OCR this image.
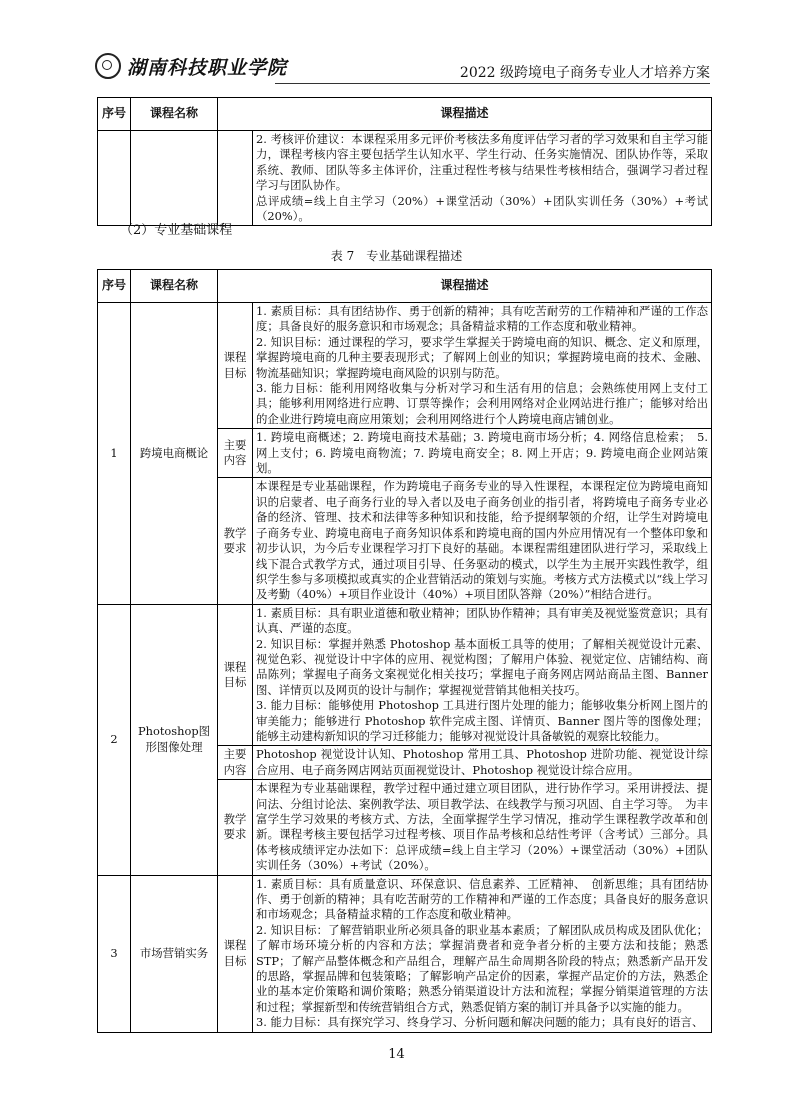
湖南科技职业学院	2022 级跨境电子商务专业人才培养方案
序号	课程名称	课程描述	

			2. 考核评价建议：本课程采用多元评价考核法多角度评估学习者的学习效果和自主学习能力，课程考核内容主要包括学生认知水平、学生行动、任务实施情况、团队协作等，采取系统、教师、团队等多主体评价，注重过程性考核与结果性考核相结合，强调学习者过程学习与团队协作。

总评成绩=线上自主学习（20%）+课堂活动（30%）+团队实训任务（30%）+考试（20%）。

（2）专业基础课程
表 7　专业基础课程描述
序号	课程名称	课程描述	
1	跨境电商概论	课程目标	1. 素质目标：具有团结协作、勇于创新的精神；具有吃苦耐劳的工作精神和严谨的工作态度；具备良好的服务意识和市场观念；具备精益求精的工作态度和敬业精神。

2. 知识目标：通过课程的学习，要求学生掌握关于跨境电商的知识、概念、定义和原理，掌握跨境电商的几种主要表现形式；了解网上创业的知识；掌握跨境电商的技术、金融、物流基础知识；掌握跨境电商风险的识别与防范。

3. 能力目标：能利用网络收集与分析对学习和生活有用的信息；会熟练使用网上支付工具；能够利用网络进行应聘、订票等操作；会利用网络对企业网站进行推广；能够对给出的企业进行跨境电商应用策划；会利用网络进行个人跨境电商店铺创业。

		主要内容	1. 跨境电商概述；2. 跨境电商技术基础；3. 跨境电商市场分析；4. 网络信息检索；　5. 网上支付；6. 跨境电商物流；7. 跨境电商安全；8. 网上开店；9. 跨境电商企业网站策划。
		教学要求	本课程是专业基础课程，作为跨境电子商务专业的导入性课程，本课程定位为跨境电商知识的启蒙者、电子商务行业的导入者以及电子商务创业的指引者，将跨境电子商务专业必备的经济、管理、技术和法律等多种知识和技能，给予提纲挈领的介绍，让学生对跨境电子商务专业、跨境电商电子商务知识体系和跨境电商的国内外应用情况有一个整体印象和初步认识，为今后专业课程学习打下良好的基础。本课程需组建团队进行学习，采取线上线下混合式教学方式，通过项目引导、任务驱动的模式，以学生为主展开实践性教学，组织学生参与多项模拟或真实的企业营销活动的策划与实施。考核方式方法模式以“线上学习及考勤（40%）+项目作业设计（40%）+项目团队答辩（20%）”相结合进行。
2	Photoshop图形图像处理	课程目标	1. 素质目标：具有职业道德和敬业精神；团队协作精神；具有审美及视觉鉴赏意识；具有认真、严谨的态度。

2. 知识目标：掌握并熟悉 Photoshop 基本面板工具等的使用；了解相关视觉设计元素、视觉色彩、视觉设计中字体的应用、视觉构图；了解用户体验、视觉定位、店铺结构、商品陈列；掌握电子商务文案视觉化相关技巧；掌握电子商务网店网站商品主图、Banner 图、详情页以及网页的设计与制作；掌握视觉营销其他相关技巧。

3. 能力目标：能够使用 Photoshop 工具进行图片处理的能力；能够收集分析网上图片的审美能力；能够进行 Photoshop 软件完成主图、详情页、Banner 图片等的图像处理；能够主动建构新知识的学习迁移能力；能够对视觉设计具备敏锐的观察比较能力。

		主要内容	Photoshop 视觉设计认知、Photoshop 常用工具、Photoshop 进阶功能、视觉设计综合应用、电子商务网店网站页面视觉设计、Photoshop 视觉设计综合应用。
		教学要求	本课程为专业基础课程，教学过程中通过建立项目团队，进行协作学习。采用讲授法、提问法、分组讨论法、案例教学法、项目教学法、在线教学与预习巩固、自主学习等。　为丰富学生学习效果的考核方式、方法，全面掌握学生学习情况，推动学生课程教学改革和创新。课程考核主要包括学习过程考核、项目作品考核和总结性考评（含考试）三部分。具体考核成绩评定办法如下：总评成绩=线上自主学习（20%）+课堂活动（30%）+团队实训任务（30%）+考试（20%）。
3	市场营销实务	课程目标	1. 素质目标：具有质量意识、环保意识、信息素养、工匠精神、　创新思维；具有团结协作、勇于创新的精神；具有吃苦耐劳的工作精神和严谨的工作态度；具备良好的服务意识和市场观念；具备精益求精的工作态度和敬业精神。

2. 知识目标：了解营销职业所必须具备的职业基本素质；了解团队成员构成及团队优化；了解市场环境分析的内容和方法；掌握消费者和竞争者分析的主要方法和技能；熟悉 STP；了解产品整体概念和产品组合，理解产品生命周期各阶段的特点；熟悉新产品开发的思路，掌握品牌和包装策略；了解影响产品定价的因素，掌握产品定价的方法，熟悉企业的基本定价策略和调价策略；熟悉分销渠道设计方法和流程；掌握分销渠道管理的方法和过程；掌握新型和传统营销组合方式，熟悉促销方案的制订并具备予以实施的能力。

3. 能力目标：具有探究学习、终身学习、分析问题和解决问题的能力；具有良好的语言、

14
